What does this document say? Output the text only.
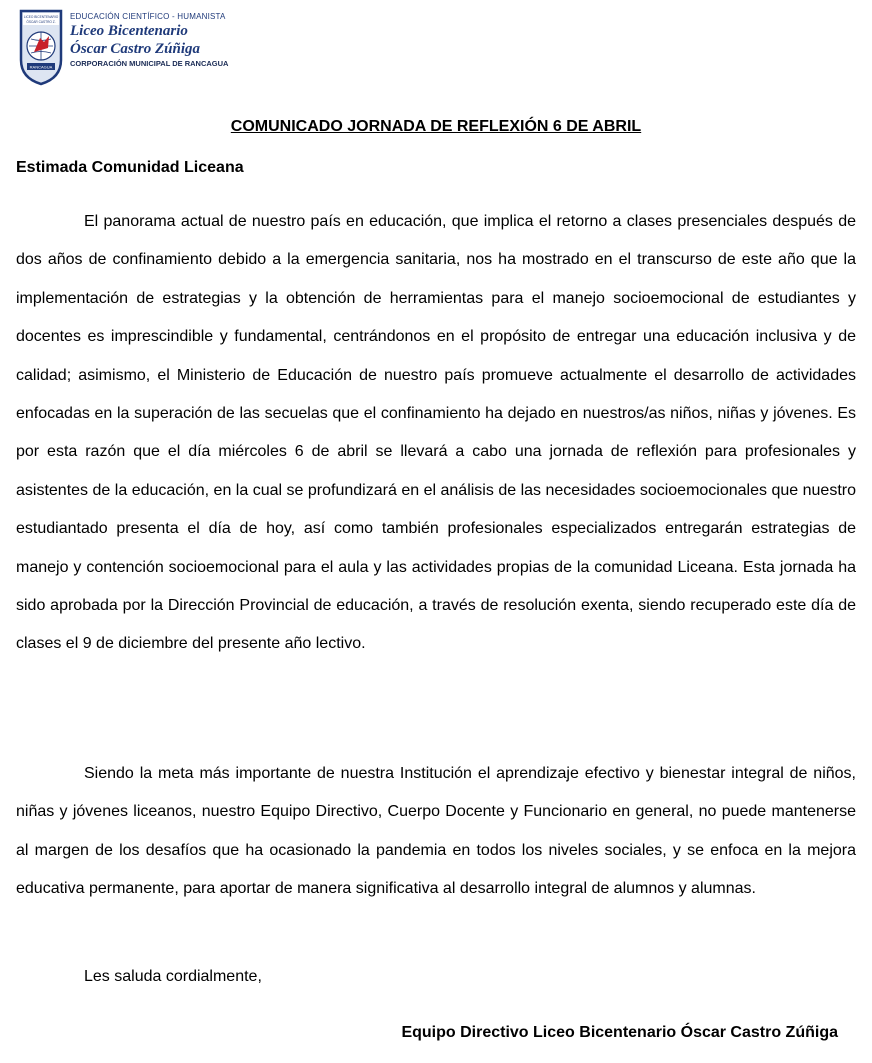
LICEO BICENTENARIO
ÓSCAR CASTRO Z.
RANCAGUA
EDUCACIÓN CIENTÍFICO - HUMANISTA
Liceo Bicentenario
Óscar Castro Zúñiga
CORPORACIÓN MUNICIPAL DE RANCAGUA
COMUNICADO JORNADA DE REFLEXIÓN 6 DE ABRIL
Estimada Comunidad Liceana

El panorama actual de nuestro país en educación, que implica el retorno a clases presenciales después de dos años de confinamiento debido a la emergencia sanitaria, nos ha mostrado en el transcurso de este año que la implementación de estrategias y la obtención de herramientas para el manejo socioemocional de estudiantes y docentes es imprescindible y fundamental, centrándonos en el propósito de entregar una educación inclusiva y de calidad; asimismo, el Ministerio de Educación de nuestro país promueve actualmente el desarrollo de actividades enfocadas en la superación de las secuelas que el confinamiento ha dejado en nuestros/as niños, niñas y jóvenes. Es por esta razón que el día miércoles 6 de abril se llevará a cabo una jornada de reflexión para profesionales y asistentes de la educación, en la cual se profundizará en el análisis de las necesidades socioemocionales que nuestro estudiantado presenta el día de hoy, así como también profesionales especializados entregarán estrategias de manejo y contención socioemocional para el aula y las actividades propias de la comunidad Liceana. Esta jornada ha sido aprobada por la Dirección Provincial de educación, a través de resolución exenta, siendo recuperado este día de clases el 9 de diciembre del presente año lectivo.

Siendo la meta más importante de nuestra Institución el aprendizaje efectivo y bienestar integral de niños, niñas y jóvenes liceanos, nuestro Equipo Directivo, Cuerpo Docente y Funcionario en general, no puede mantenerse al margen de los desafíos que ha ocasionado la pandemia en todos los niveles sociales, y se enfoca en la mejora educativa permanente, para aportar de manera significativa al desarrollo integral de alumnos y alumnas.

Les saluda cordialmente,
Equipo Directivo Liceo Bicentenario Óscar Castro Zúñiga
